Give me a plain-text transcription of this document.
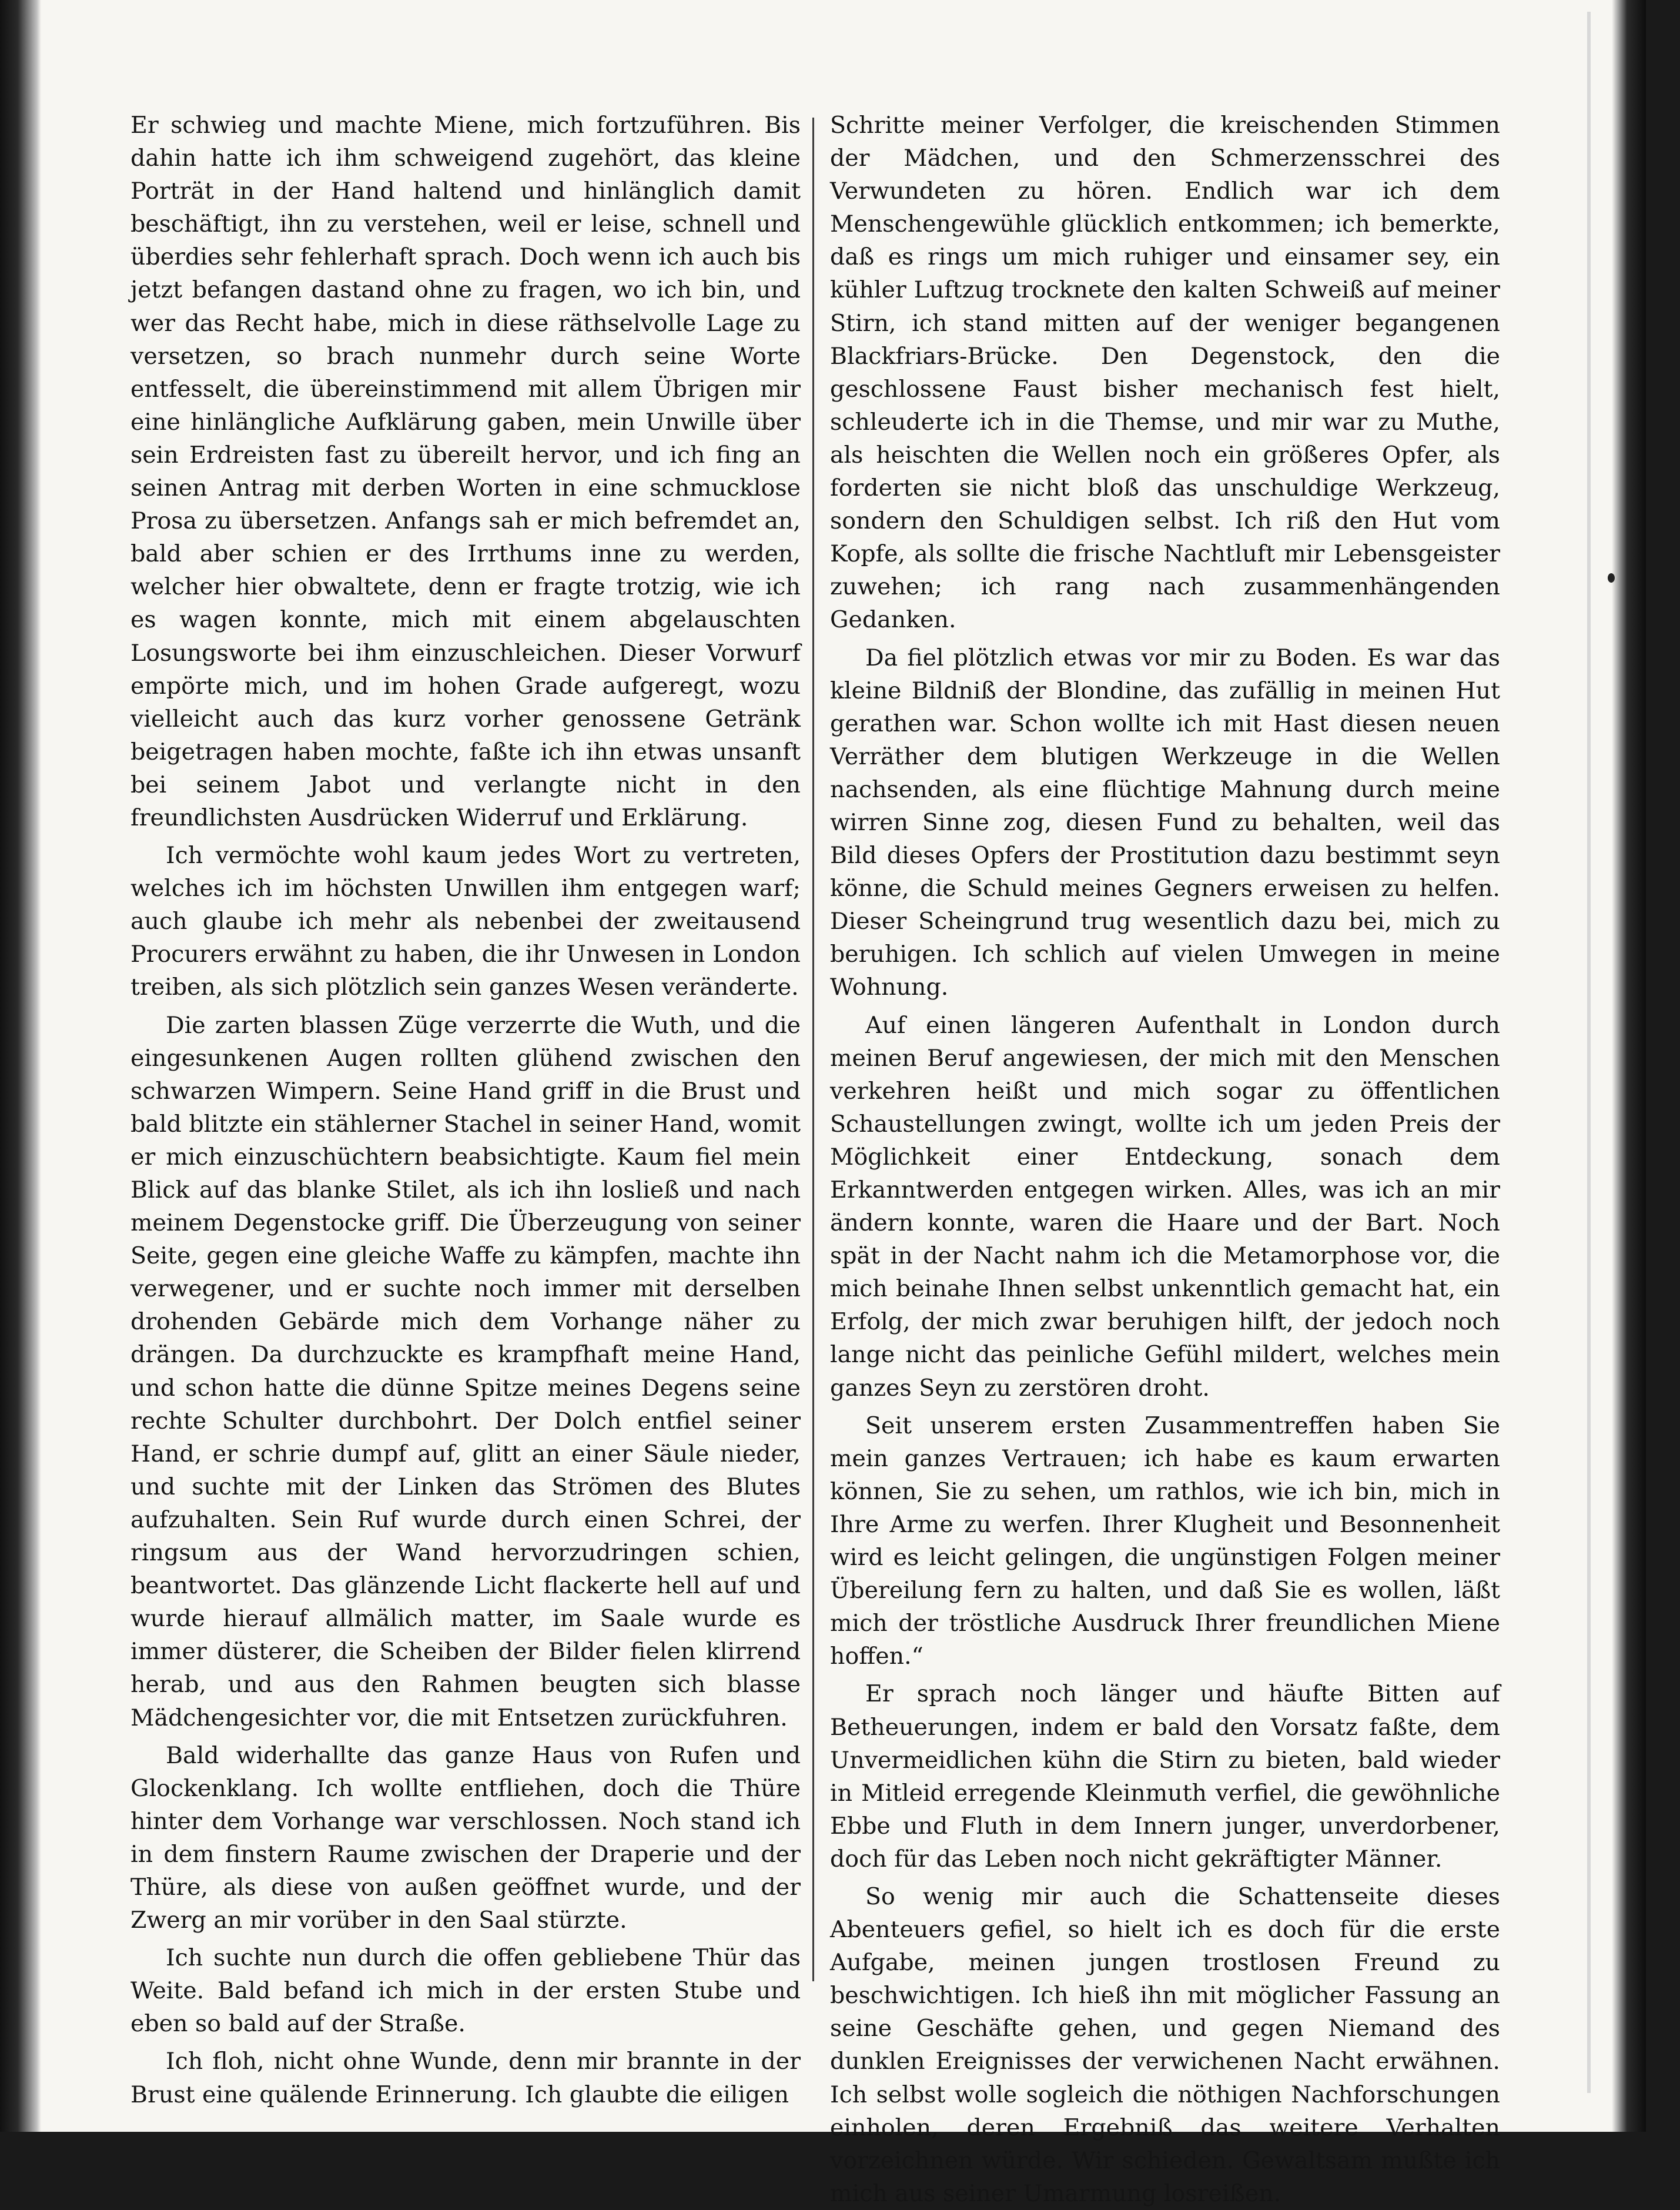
Er schwieg und machte Miene, mich fortzuführen. Bis dahin hatte ich ihm schweigend zugehört, das kleine Porträt in der Hand haltend und hinlänglich damit beschäftigt, ihn zu verstehen, weil er leise, schnell und überdies sehr fehlerhaft sprach. Doch wenn ich auch bis jetzt befangen dastand ohne zu fragen, wo ich bin, und wer das Recht habe, mich in diese räthselvolle Lage zu versetzen, so brach nunmehr durch seine Worte entfesselt, die übereinstimmend mit allem Übrigen mir eine hinlängliche Aufklärung gaben, mein Unwille über sein Erdreisten fast zu übereilt hervor, und ich fing an seinen Antrag mit derben Worten in eine schmucklose Prosa zu übersetzen. Anfangs sah er mich befremdet an, bald aber schien er des Irrthums inne zu werden, welcher hier obwaltete, denn er fragte trotzig, wie ich es wagen konnte, mich mit einem abgelauschten Losungsworte bei ihm einzuschleichen. Dieser Vorwurf empörte mich, und im hohen Grade aufgeregt, wozu vielleicht auch das kurz vorher genossene Getränk beigetragen haben mochte, faßte ich ihn etwas unsanft bei seinem Jabot und verlangte nicht in den freundlichsten Ausdrücken Widerruf und Erklärung.

Ich vermöchte wohl kaum jedes Wort zu vertreten, welches ich im höchsten Unwillen ihm entgegen warf; auch glaube ich mehr als nebenbei der zweitausend Procurers erwähnt zu haben, die ihr Unwesen in London treiben, als sich plötzlich sein ganzes Wesen veränderte.

Die zarten blassen Züge verzerrte die Wuth, und die eingesunkenen Augen rollten glühend zwischen den schwarzen Wimpern. Seine Hand griff in die Brust und bald blitzte ein stählerner Stachel in seiner Hand, womit er mich einzuschüchtern beabsichtigte. Kaum fiel mein Blick auf das blanke Stilet, als ich ihn losließ und nach meinem Degenstocke griff. Die Überzeugung von seiner Seite, gegen eine gleiche Waffe zu kämpfen, machte ihn verwegener, und er suchte noch immer mit derselben drohenden Gebärde mich dem Vorhange näher zu drängen. Da durchzuckte es krampfhaft meine Hand, und schon hatte die dünne Spitze meines Degens seine rechte Schulter durchbohrt. Der Dolch entfiel seiner Hand, er schrie dumpf auf, glitt an einer Säule nieder, und suchte mit der Linken das Strömen des Blutes aufzuhalten. Sein Ruf wurde durch einen Schrei, der ringsum aus der Wand hervorzudringen schien, beantwortet. Das glänzende Licht flackerte hell auf und wurde hierauf allmälich matter, im Saale wurde es immer düsterer, die Scheiben der Bilder fielen klirrend herab, und aus den Rahmen beugten sich blasse Mädchengesichter vor, die mit Entsetzen zurückfuhren.

Bald widerhallte das ganze Haus von Rufen und Glockenklang. Ich wollte entfliehen, doch die Thüre hinter dem Vorhange war verschlossen. Noch stand ich in dem finstern Raume zwischen der Draperie und der Thüre, als diese von außen geöffnet wurde, und der Zwerg an mir vorüber in den Saal stürzte.

Ich suchte nun durch die offen gebliebene Thür das Weite. Bald befand ich mich in der ersten Stube und eben so bald auf der Straße.

Ich floh, nicht ohne Wunde, denn mir brannte in der Brust eine quälende Erinnerung. Ich glaubte die eiligen

Schritte meiner Verfolger, die kreischenden Stimmen der Mädchen, und den Schmerzensschrei des Verwundeten zu hören. Endlich war ich dem Menschengewühle glücklich entkommen; ich bemerkte, daß es rings um mich ruhiger und einsamer sey, ein kühler Luftzug trocknete den kalten Schweiß auf meiner Stirn, ich stand mitten auf der weniger begangenen Blackfriars-Brücke. Den Degenstock, den die geschlossene Faust bisher mechanisch fest hielt, schleuderte ich in die Themse, und mir war zu Muthe, als heischten die Wellen noch ein größeres Opfer, als forderten sie nicht bloß das unschuldige Werkzeug, sondern den Schuldigen selbst. Ich riß den Hut vom Kopfe, als sollte die frische Nachtluft mir Lebensgeister zuwehen; ich rang nach zusammenhängenden Gedanken.

Da fiel plötzlich etwas vor mir zu Boden. Es war das kleine Bildniß der Blondine, das zufällig in meinen Hut gerathen war. Schon wollte ich mit Hast diesen neuen Verräther dem blutigen Werkzeuge in die Wellen nachsenden, als eine flüchtige Mahnung durch meine wirren Sinne zog, diesen Fund zu behalten, weil das Bild dieses Opfers der Prostitution dazu bestimmt seyn könne, die Schuld meines Gegners erweisen zu helfen. Dieser Scheingrund trug wesentlich dazu bei, mich zu beruhigen. Ich schlich auf vielen Umwegen in meine Wohnung.

Auf einen längeren Aufenthalt in London durch meinen Beruf angewiesen, der mich mit den Menschen verkehren heißt und mich sogar zu öffentlichen Schaustellungen zwingt, wollte ich um jeden Preis der Möglichkeit einer Entdeckung, sonach dem Erkanntwerden entgegen wirken. Alles, was ich an mir ändern konnte, waren die Haare und der Bart. Noch spät in der Nacht nahm ich die Metamorphose vor, die mich beinahe Ihnen selbst unkenntlich gemacht hat, ein Erfolg, der mich zwar beruhigen hilft, der jedoch noch lange nicht das peinliche Gefühl mildert, welches mein ganzes Seyn zu zerstören droht.

Seit unserem ersten Zusammentreffen haben Sie mein ganzes Vertrauen; ich habe es kaum erwarten können, Sie zu sehen, um rathlos, wie ich bin, mich in Ihre Arme zu werfen. Ihrer Klugheit und Besonnenheit wird es leicht gelingen, die ungünstigen Folgen meiner Übereilung fern zu halten, und daß Sie es wollen, läßt mich der tröstliche Ausdruck Ihrer freundlichen Miene hoffen.“

Er sprach noch länger und häufte Bitten auf Betheuerungen, indem er bald den Vorsatz faßte, dem Unvermeidlichen kühn die Stirn zu bieten, bald wieder in Mitleid erregende Kleinmuth verfiel, die gewöhnliche Ebbe und Fluth in dem Innern junger, unverdorbener, doch für das Leben noch nicht gekräftigter Männer.

So wenig mir auch die Schattenseite dieses Abenteuers gefiel, so hielt ich es doch für die erste Aufgabe, meinen jungen trostlosen Freund zu beschwichtigen. Ich hieß ihn mit möglicher Fassung an seine Geschäfte gehen, und gegen Niemand des dunklen Ereignisses der verwichenen Nacht erwähnen. Ich selbst wolle sogleich die nöthigen Nachforschungen einholen, deren Ergebniß das weitere Verhalten vorzeichnen würde. Wir schieden. Gewaltsam mußte ich mich aus seiner Umarmung losreißen.
